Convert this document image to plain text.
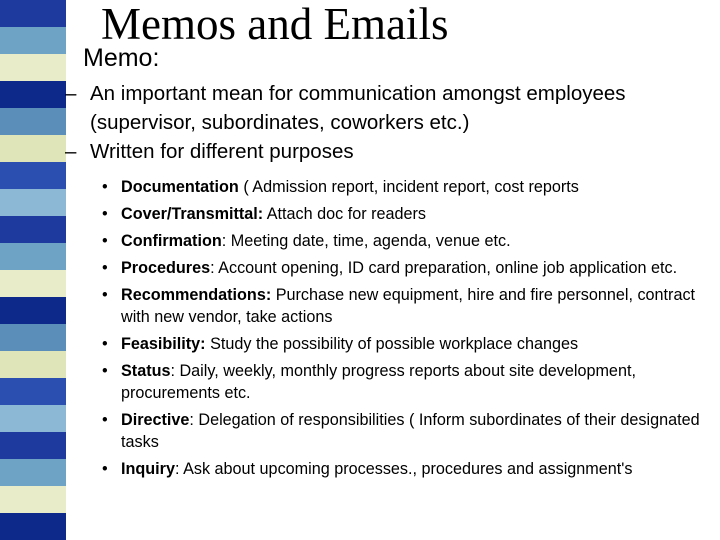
Memos and Emails
Memo:
– An important mean for communication amongst employees (supervisor, subordinates, coworkers etc.)
– Written for different purposes
• Documentation ( Admission report, incident report, cost reports
• Cover/Transmittal: Attach doc for readers
• Confirmation: Meeting date, time, agenda, venue etc.
• Procedures: Account opening, ID card preparation, online job application etc.
• Recommendations: Purchase new equipment, hire and fire personnel, contract with new vendor, take actions
• Feasibility: Study the possibility of possible workplace changes
• Status: Daily, weekly, monthly progress reports about site development, procurements etc.
• Directive: Delegation of responsibilities ( Inform subordinates of their designated tasks
• Inquiry: Ask about upcoming processes., procedures and assignment's
